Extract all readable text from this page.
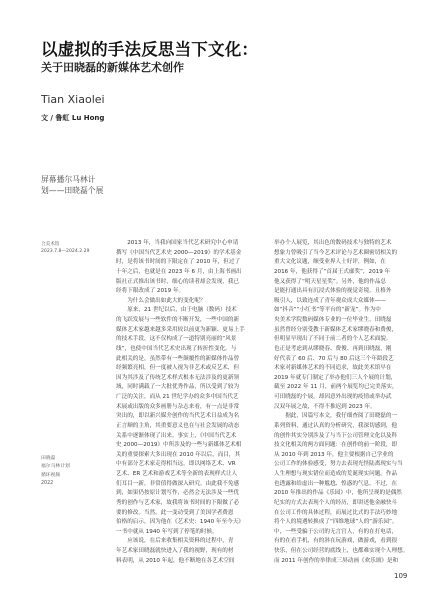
以虚拟的手法反思当下文化：
关于田晓磊的新媒体艺术创作
Tian Xiaolei
文 / 鲁虹 Lu Hong
屏幕播尔马林计
划——田晓磊个展
合美术馆
2023.7.8—2024.2.29
田晓磊
福尔马林计划
循环视频
2022
　　2013 年，当我向国家当代艺术研究中心申请
撰写《中国当代艺术史 2000—2019》的学术基金
时，是将该书时间的下限定在了 2010 年，但过了
十年之后，也就是在 2023 年 6 月，由上海书画出
版社正式推出该书时，细心的读者却会发现，我已
经将下限改成了 2019 年。
　　为什么会做出如此大的变化呢？
　　原来，21 世纪以后，由于电脑（数码）技术
的飞跃发展与一些软件的不断开发，一些中国的新
媒体艺术家越来越多采用较以前更为新颖、更易上手
的技术手段，这不仅构成了一道特别亮丽的“风景
线”，也使中国当代艺术史出现了转折性变化。与
此相关的是，虽然带有一些颠覆性的新媒体作品曾
经频繁亮相，但一度被人视为非艺术或反艺术，但
因为其涉及了传统艺术样式根本无法涉及的更新领
域，同时满载了一大批优秀作品，所以受到了较为
广泛的关注，而从 21 世纪学办的众多中国当代艺
术展或出版的众多画册与杂志来看，有一点是非常
突出的，即以新兴媒介创作的当代艺术日益成为名
正言顺的主角，其重要意义也在与社会发展的动态
关系中逐渐体现了出来。事实上，《中国当代艺术
史 2000—2019》中所涉及的一些与新媒体艺术相
关的重要探索大多出现在 2010 年以后，而目，其
中有部分艺术家走得相当远，即以网络艺术、VR
艺术、ER 艺术和游戏艺术等全新的表现样式让人
们耳目一新，非常值得做深入研究。由此我不免感
到，如果仍按原计划写作，必然会无法涉及一些优
秀的创作与艺术家，故我将该书时间的下限做了必
要的修改。当然，此一变动受到了美国学者费恩
伯格的启示，因为他在《艺术史：1940 年至今天》
一书中就从 1940 年写到了停笔的时候。
　　应该说，在后来收集相关资料的过程中，青
年艺术家田晓磊就快进入了我的视野，现有的材
料表明，从 2010 年起，他不断地在各艺术空间
举办个人展览，其出色的数码技术与独特的艺术
想象力曾吸引了当今艺术评论与艺术圈密切相关的
重大文化议题，颇受业界人士好评，例如，在
2016 年，他获得了“首届王式廓奖”，2019 年
他又获得了“明天星星奖”。另外，他的作品总
是能打通出具有沉浸式体验的视觉奇境，且格外
吸引人，以致连成了青年观众成大众媒体——
如“抖音”“小红书”等平台的“新宠”。作为中
央美术学院数码媒体专业的一位毕业生，田晓磊
虽然曾经分别受教于新媒体艺术家缪晓春和费俊，
但明显早现出了不同于前二者的个人艺术面貌。
也正是考虑到从缪晓春、费俊、再到田晓磊，刚
好代表了 60 后、70 后与 80 后这三个年龄段艺
术家对新媒体艺术的不同追求，故此美术馆早在
2019 年就专门制定了举办他们三人个展的计划，
截至 2022 年 11 月，前两个展览均已完美落实，
可田晓磊的个展，却因意外出现的疫情或举办武
汉双年展之故，不得不推迟到 2023 年。
　　据此，因篇写本文，我仔细查阅了田晓磊的一
系列资料，通过认真的分析研究，我深切感到，他
的创作其实分别涉及了与当下公司管理文化以及科
技文化相关的两方面问题：在创作的前一阶段，即
从 2010 年到 2013 年，他主要根据自己学业的
公司工作的体验感受，努力去表现光怪陆离现实与当
人生理想与现实错位而造成的荒诞现实问题。作品
也透露和给虚出一种尴尬、惶惑的气息。不过，在
2010 年推出的作品《乐园》中，他所呈现的是偶然
纪实的方式去表现个人的经历，即讲述他金融快斗
在公司工作的具体过程，而展过比式的手法巧妙地
将个人的境遇转换成了“四维地球”人的“游乐园”。
中，一些受骗于公司的无言官人，有的在打电话，
有的在看手机，有的斜在玩游戏，做游戏，看到很
快乐，但在公司经营的底线上，也都难实现个人理想。
而 2011 年创作的举律成三屏动画《欢乐颂》是和
109
